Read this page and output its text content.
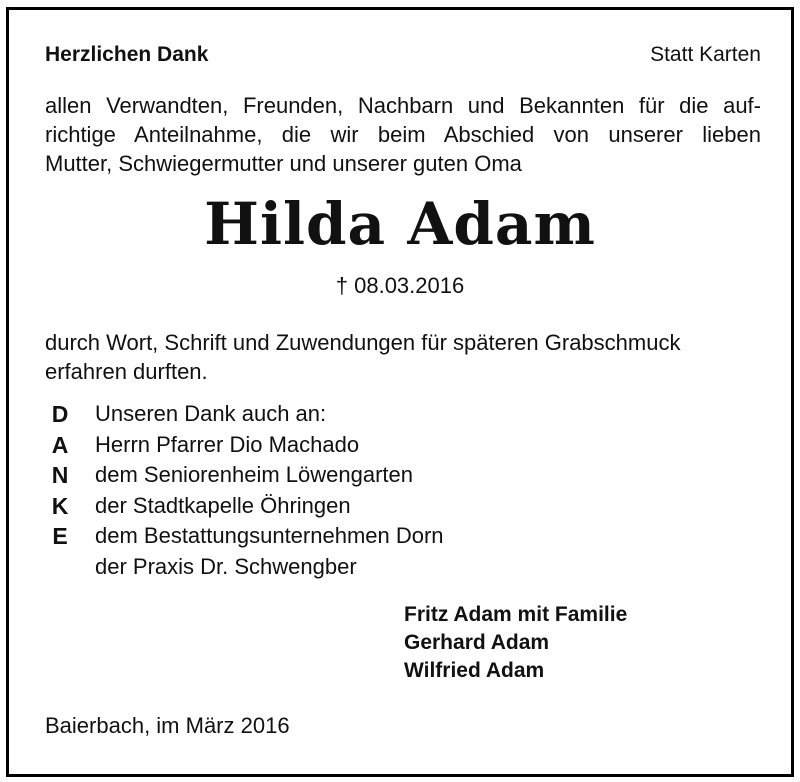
Herzlichen Dank	Statt Karten
allen Verwandten, Freunden, Nachbarn und Bekannten für die auf-
richtige Anteilnahme, die wir beim Abschied von unserer lieben
Mutter, Schwiegermutter und unserer guten Oma
Hilda Adam
† 08.03.2016
durch Wort, Schrift und Zuwendungen für späteren Grabschmuck
erfahren durften.
D
A
N
K
E
Unseren Dank auch an:
Herrn Pfarrer Dio Machado
dem Seniorenheim Löwengarten
der Stadtkapelle Öhringen
dem Bestattungsunternehmen Dorn
der Praxis Dr. Schwengber
Fritz Adam mit Familie
Gerhard Adam
Wilfried Adam
Baierbach, im März 2016
